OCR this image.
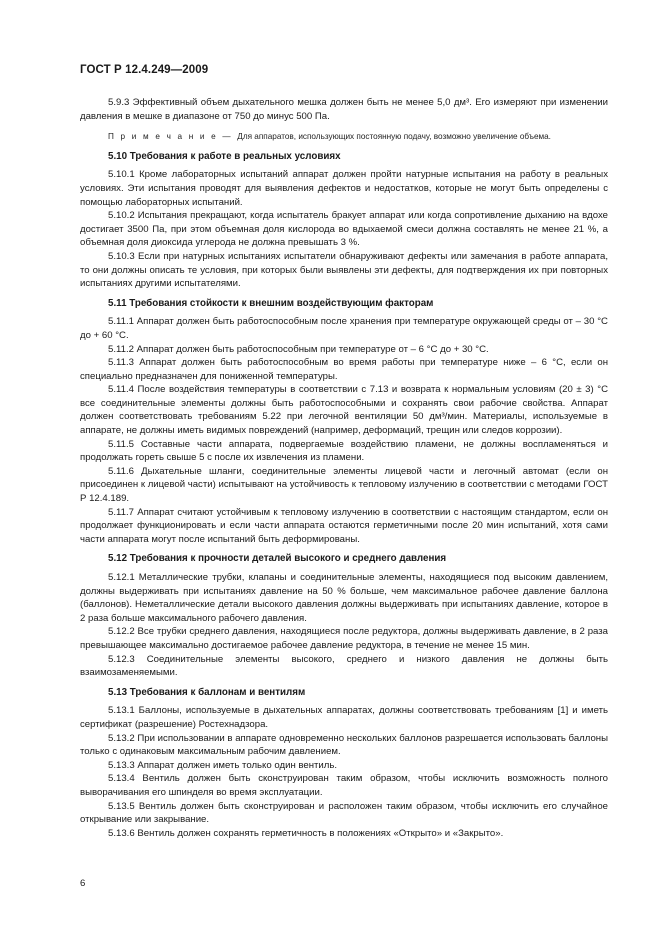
ГОСТ Р 12.4.249—2009

5.9.3 Эффективный объем дыхательного мешка должен быть не менее 5,0 дм³. Его измеряют при изменении давления в мешке в диапазоне от 750 до минус 500 Па.

П р и м е ч а н и е — Для аппаратов, использующих постоянную подачу, возможно увеличение объема.
5.10 Требования к работе в реальных условиях

5.10.1 Кроме лабораторных испытаний аппарат должен пройти натурные испытания на работу в реальных условиях. Эти испытания проводят для выявления дефектов и недостатков, которые не могут быть определены с помощью лабораторных испытаний.

5.10.2 Испытания прекращают, когда испытатель бракует аппарат или когда сопротивление дыханию на вдохе достигает 3500 Па, при этом объемная доля кислорода во вдыхаемой смеси должна составлять не менее 21 %, а объемная доля диоксида углерода не должна превышать 3 %.

5.10.3 Если при натурных испытаниях испытатели обнаруживают дефекты или замечания в работе аппарата, то они должны описать те условия, при которых были выявлены эти дефекты, для подтверждения их при повторных испытаниях другими испытателями.

5.11 Требования стойкости к внешним воздействующим факторам

5.11.1 Аппарат должен быть работоспособным после хранения при температуре окружающей среды от – 30 °С до + 60 °С.

5.11.2 Аппарат должен быть работоспособным при температуре от – 6 °С до + 30 °С.

5.11.3 Аппарат должен быть работоспособным во время работы при температуре ниже – 6 °С, если он специально предназначен для пониженной температуры.

5.11.4 После воздействия температуры в соответствии с 7.13 и возврата к нормальным условиям (20 ± 3) °С все соединительные элементы должны быть работоспособными и сохранять свои рабочие свойства. Аппарат должен соответствовать требованиям 5.22 при легочной вентиляции 50 дм³/мин. Материалы, используемые в аппарате, не должны иметь видимых повреждений (например, деформаций, трещин или следов коррозии).

5.11.5 Составные части аппарата, подвергаемые воздействию пламени, не должны воспламеняться и продолжать гореть свыше 5 с после их извлечения из пламени.

5.11.6 Дыхательные шланги, соединительные элементы лицевой части и легочный автомат (если он присоединен к лицевой части) испытывают на устойчивость к тепловому излучению в соответствии с методами ГОСТ Р 12.4.189.

5.11.7 Аппарат считают устойчивым к тепловому излучению в соответствии с настоящим стандартом, если он продолжает функционировать и если части аппарата остаются герметичными после 20 мин испытаний, хотя сами части аппарата могут после испытаний быть деформированы.

5.12 Требования к прочности деталей высокого и среднего давления

5.12.1 Металлические трубки, клапаны и соединительные элементы, находящиеся под высоким давлением, должны выдерживать при испытаниях давление на 50 % больше, чем максимальное рабочее давление баллона (баллонов). Неметаллические детали высокого давления должны выдерживать при испытаниях давление, которое в 2 раза больше максимального рабочего давления.

5.12.2 Все трубки среднего давления, находящиеся после редуктора, должны выдерживать давление, в 2 раза превышающее максимально достигаемое рабочее давление редуктора, в течение не менее 15 мин.

5.12.3 Соединительные элементы высокого, среднего и низкого давления не должны быть взаимозаменяемыми.

5.13 Требования к баллонам и вентилям

5.13.1 Баллоны, используемые в дыхательных аппаратах, должны соответствовать требованиям [1] и иметь сертификат (разрешение) Ростехнадзора.

5.13.2 При использовании в аппарате одновременно нескольких баллонов разрешается использовать баллоны только с одинаковым максимальным рабочим давлением.

5.13.3 Аппарат должен иметь только один вентиль.

5.13.4 Вентиль должен быть сконструирован таким образом, чтобы исключить возможность полного выворачивания его шпинделя во время эксплуатации.

5.13.5 Вентиль должен быть сконструирован и расположен таким образом, чтобы исключить его случайное открывание или закрывание.

5.13.6 Вентиль должен сохранять герметичность в положениях «Открыто» и «Закрыто».

6
